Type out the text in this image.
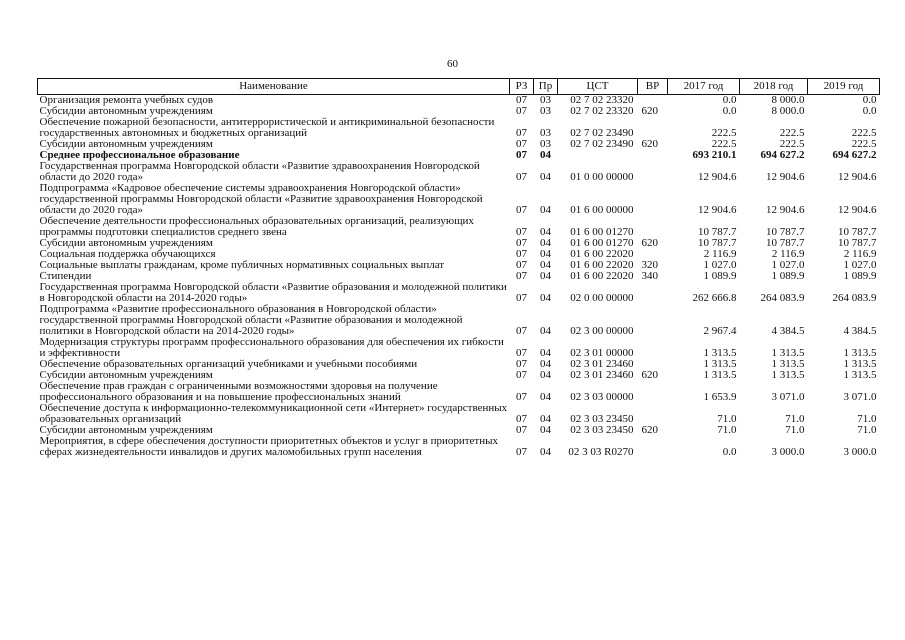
60
Наименование	РЗ	Пр	ЦСТ	ВР	2017 год	2018 год	2019 год
Организация ремонта учебных судов	07	03	02 7 02 23320		0.0	8 000.0	0.0
Субсидии автономным учреждениям	07	03	02 7 02 23320	620	0.0	8 000.0	0.0
Обеспечение пожарной безопасности, антитеррористической и антикриминальной безопасности государственных автономных и бюджетных организаций	07	03	02 7 02 23490		222.5	222.5	222.5
Субсидии автономным учреждениям	07	03	02 7 02 23490	620	222.5	222.5	222.5
Среднее профессиональное образование	07	04			693 210.1	694 627.2	694 627.2
Государственная программа Новгородской области «Развитие здравоохранения Новгородской области до 2020 года»	07	04	01 0 00 00000		12 904.6	12 904.6	12 904.6
Подпрограмма «Кадровое обеспечение системы здравоохранения Новгородской области» государственной программы Новгородской области «Развитие здравоохранения Новгородской области до 2020 года»	07	04	01 6 00 00000		12 904.6	12 904.6	12 904.6
Обеспечение деятельности профессиональных образовательных организаций, реализующих программы подготовки специалистов среднего звена	07	04	01 6 00 01270		10 787.7	10 787.7	10 787.7
Субсидии автономным учреждениям	07	04	01 6 00 01270	620	10 787.7	10 787.7	10 787.7
Социальная поддержка обучающихся	07	04	01 6 00 22020		2 116.9	2 116.9	2 116.9
Социальные выплаты гражданам, кроме публичных нормативных социальных выплат	07	04	01 6 00 22020	320	1 027.0	1 027.0	1 027.0
Стипендии	07	04	01 6 00 22020	340	1 089.9	1 089.9	1 089.9
Государственная программа Новгородской области «Развитие образования и молодежной политики в Новгородской области на 2014-2020 годы»	07	04	02 0 00 00000		262 666.8	264 083.9	264 083.9
Подпрограмма «Развитие профессионального образования в Новгородской области» государственной программы Новгородской области «Развитие образования и молодежной политики в Новгородской области на 2014-2020 годы»	07	04	02 3 00 00000		2 967.4	4 384.5	4 384.5
Модернизация структуры программ профессионального образования для обеспечения их гибкости и эффективности	07	04	02 3 01 00000		1 313.5	1 313.5	1 313.5
Обеспечение образовательных организаций учебниками и учебными пособиями	07	04	02 3 01 23460		1 313.5	1 313.5	1 313.5
Субсидии автономным учреждениям	07	04	02 3 01 23460	620	1 313.5	1 313.5	1 313.5
Обеспечение прав граждан с ограниченными возможностями здоровья на получение профессионального образования и на повышение профессиональных знаний	07	04	02 3 03 00000		1 653.9	3 071.0	3 071.0
Обеспечение доступа к информационно-телекоммуникационной сети «Интернет» государственных образовательных организаций	07	04	02 3 03 23450		71.0	71.0	71.0
Субсидии автономным учреждениям	07	04	02 3 03 23450	620	71.0	71.0	71.0
Мероприятия, в сфере обеспечения доступности приоритетных объектов и услуг в приоритетных сферах жизнедеятельности инвалидов и других маломобильных групп населения	07	04	02 3 03 R0270		0.0	3 000.0	3 000.0
